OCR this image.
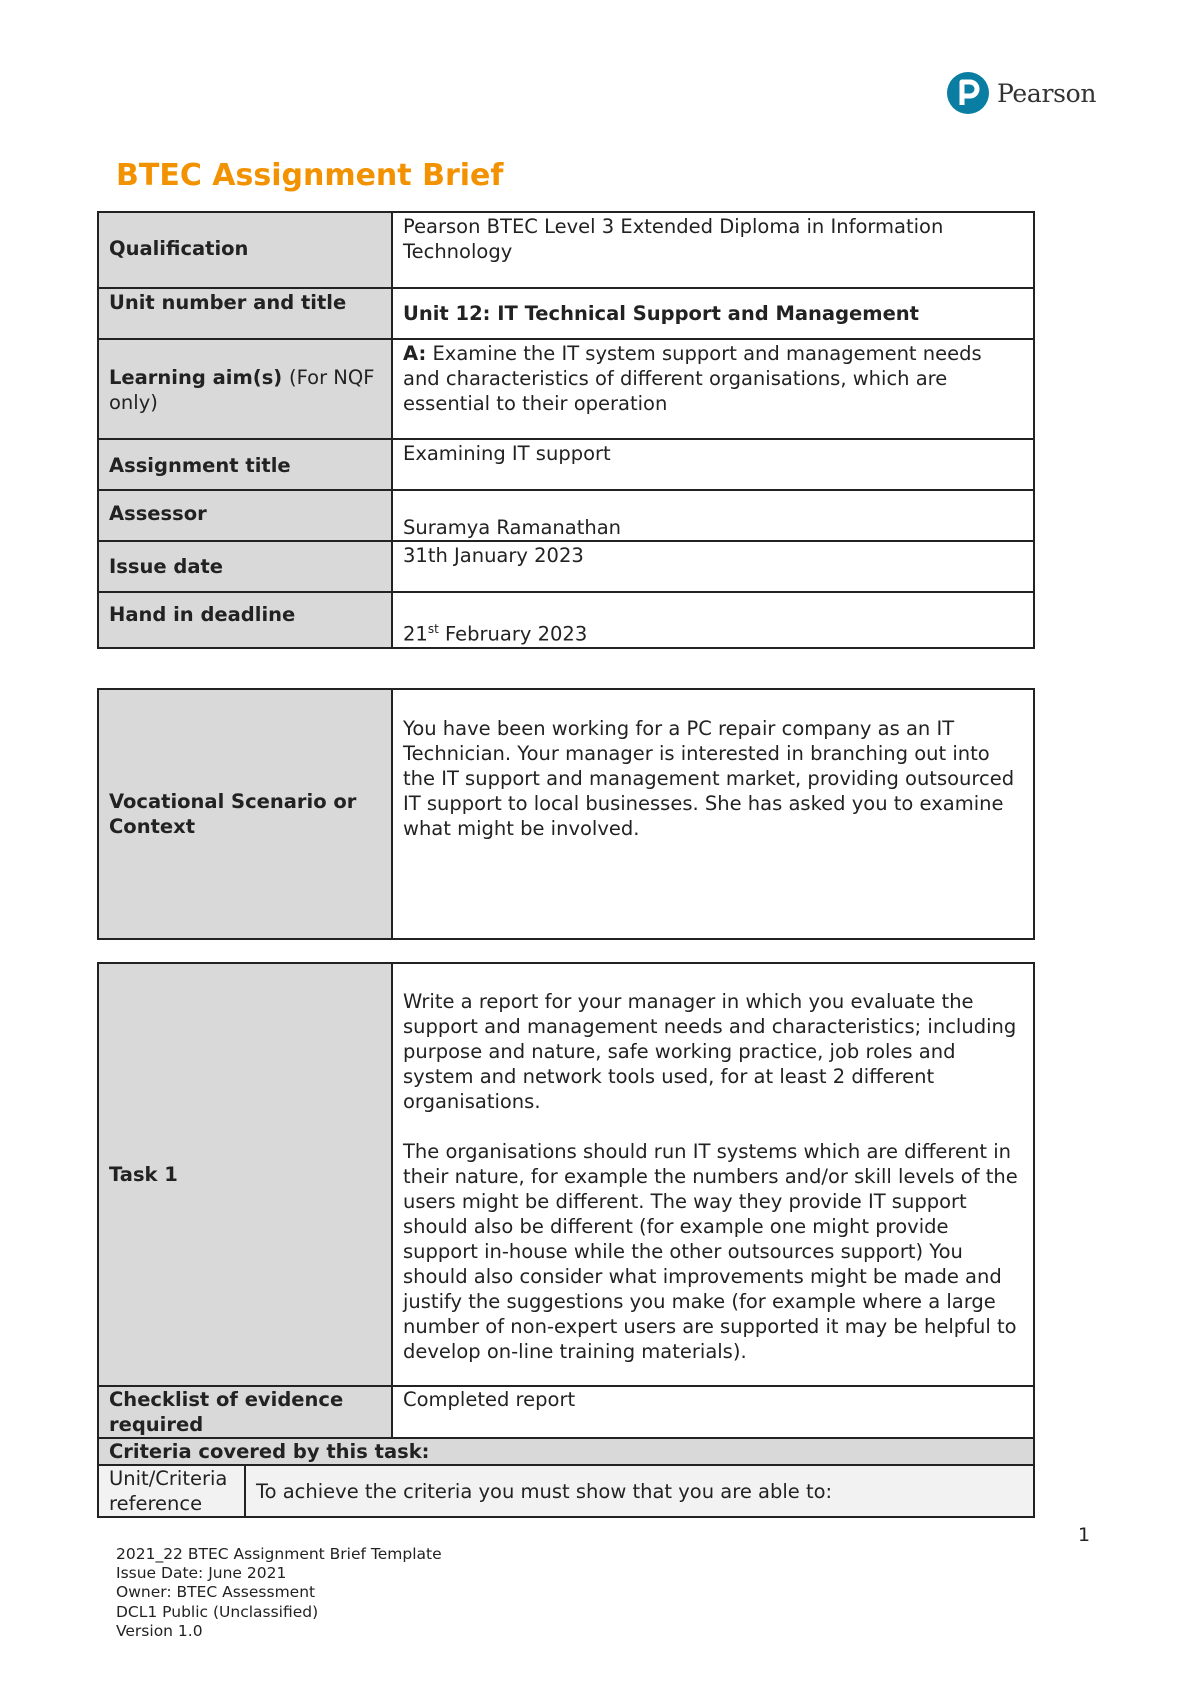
Pearson
BTEC Assignment Brief
Qualification	Pearson BTEC Level 3 Extended Diploma in Information Technology
Unit number and title	Unit 12: IT Technical Support and Management
Learning aim(s) (For NQF only)	A: Examine the IT system support and management needs and characteristics of different organisations, which are essential to their operation
Assignment title	Examining IT support
Assessor	Suramya Ramanathan
Issue date	31th January 2023
Hand in deadline	21st February 2023
Vocational Scenario or Context	You have been working for a PC repair company as an IT Technician. Your manager is interested in branching out into the IT support and management market, providing outsourced IT support to local businesses. She has asked you to examine what might be involved.
Task 1		Write a report for your manager in which you evaluate the support and management needs and characteristics; including purpose and nature, safe working practice, job roles and system and network tools used, for at least 2 different organisations.
The organisations should run IT systems which are different in their nature, for example the numbers and/or skill levels of the users might be different. The way they provide IT support should also be different (for example one might provide support in-house while the other outsources support) You should also consider what improvements might be made and justify the suggestions you make (for example where a large number of non-expert users are supported it may be helpful to develop on-line training materials).

Checklist of evidence required		Completed report
Criteria covered by this task:		
Unit/Criteria reference	To achieve the criteria you must show that you are able to:	
1
2021_22 BTEC Assignment Brief Template
Issue Date: June 2021
Owner: BTEC Assessment
DCL1 Public (Unclassified)
Version 1.0
